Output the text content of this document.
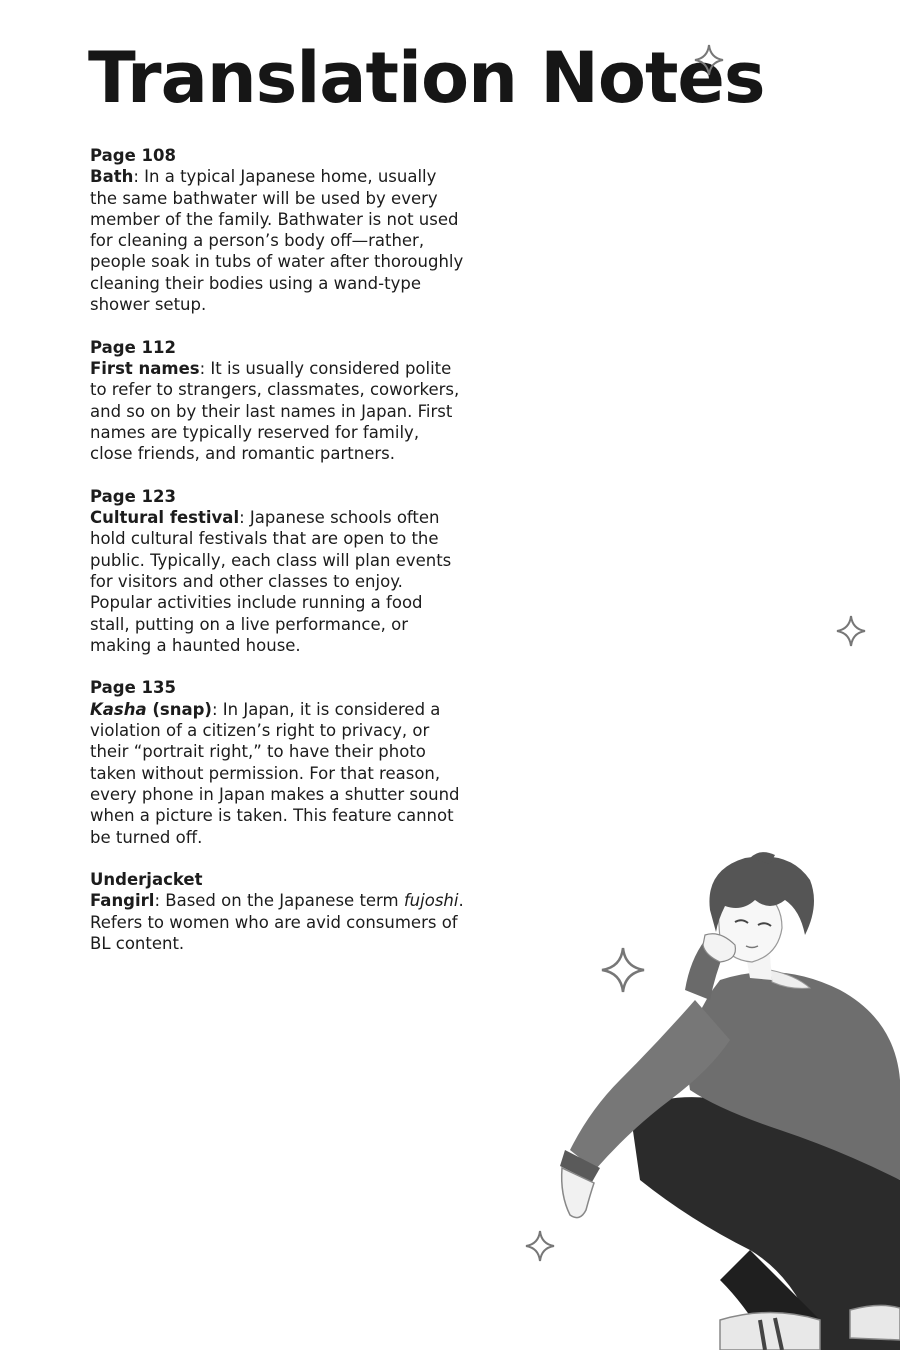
Translation Notes
Page 108
Bath: In a typical Japanese home, usually the same bathwater will be used by every member of the family. Bathwater is not used for cleaning a person’s body off—rather, people soak in tubs of water after thoroughly cleaning their bodies using a wand-type shower setup.
Page 112
First names: It is usually considered polite to refer to strangers, classmates, coworkers, and so on by their last names in Japan. First names are typically reserved for family, close friends, and romantic partners.
Page 123
Cultural festival: Japanese schools often hold cultural festivals that are open to the public. Typically, each class will plan events for visitors and other classes to enjoy. Popular activities include running a food stall, putting on a live performance, or making a haunted house.
Page 135
Kasha (snap): In Japan, it is considered a violation of a citizen’s right to privacy, or their “portrait right,” to have their photo taken without permission. For that reason, every phone in Japan makes a shutter sound when a picture is taken. This feature cannot be turned off.
Underjacket
Fangirl: Based on the Japanese term fujoshi. Refers to women who are avid consumers of BL content.
